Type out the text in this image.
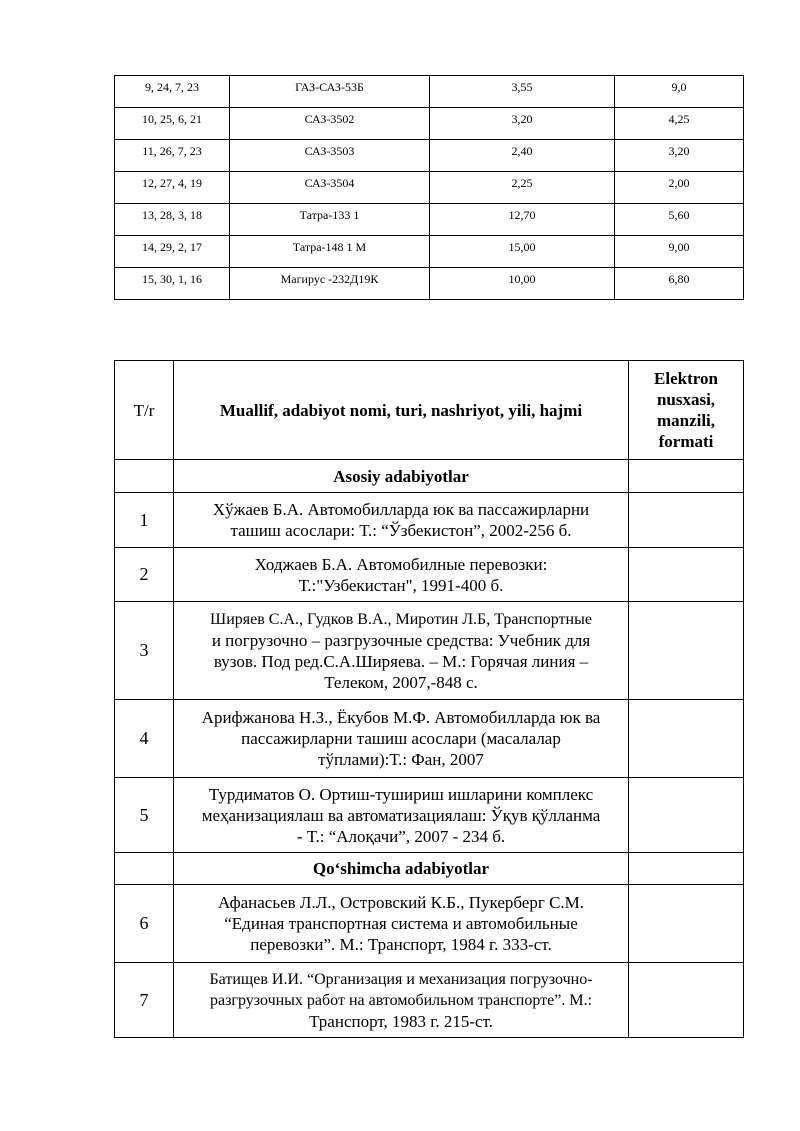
9, 24, 7, 23	ГАЗ-САЗ-53Б	3,55	9,0
10, 25, 6, 21	САЗ-3502	3,20	4,25
11, 26, 7, 23	САЗ-3503	2,40	3,20
12, 27, 4, 19	САЗ-3504	2,25	2,00
13, 28, 3, 18	Татра-133 1	12,70	5,60
14, 29, 2, 17	Татра-148 1 М	15,00	9,00
15, 30, 1, 16	Магирус -232Д19К	10,00	6,80
T/r	Muallif, adabiyot nomi, turi, nashriyot, yili, hajmi	Elektron
nusxasi,
manzili,
formati

	Asosiy adabiyotlar	
1	Хўжаев Б.А. Автомобилларда юк ва пассажирларни
ташиш асослари: Т.: “Ўзбекистон”, 2002-256 б.	

2	Ходжаев Б.А. Автомобилные перевозки:
Т.:"Узбекистан", 1991-400 б.	

3	Ширяев С.А., Гудков В.А., Миротин Л.Б, Транспортные
и погрузочно – разгрузочные средства: Учебник для
вузов. Под ред.С.А.Ширяева. – М.: Горячая линия –
Телеком, 2007,-848 с.	

4	Арифжанова Н.З., Ёкубов М.Ф. Автомобилларда юк ва
пассажирларни ташиш асослари (масалалар
тўплами):Т.: Фан, 2007	

5	Турдиматов О. Ортиш-тушириш ишларини комплекс
меҳанизациялаш ва автоматизациялаш: Ўқув қўлланма
- Т.: “Алоқачи”, 2007 - 234 б.	

	Qo‘shimcha adabiyotlar	
6	Афанасьев Л.Л., Островский К.Б., Пукерберг С.М.
“Единая транспортная система и автомобильные
перевозки”. М.: Транспорт, 1984 г. 333-ст.	

7	Батищев И.И. “Организация и механизация погрузочно-
разгрузочных работ на автомобильном транспорте”. М.:
Транспорт, 1983 г. 215-ст.	
